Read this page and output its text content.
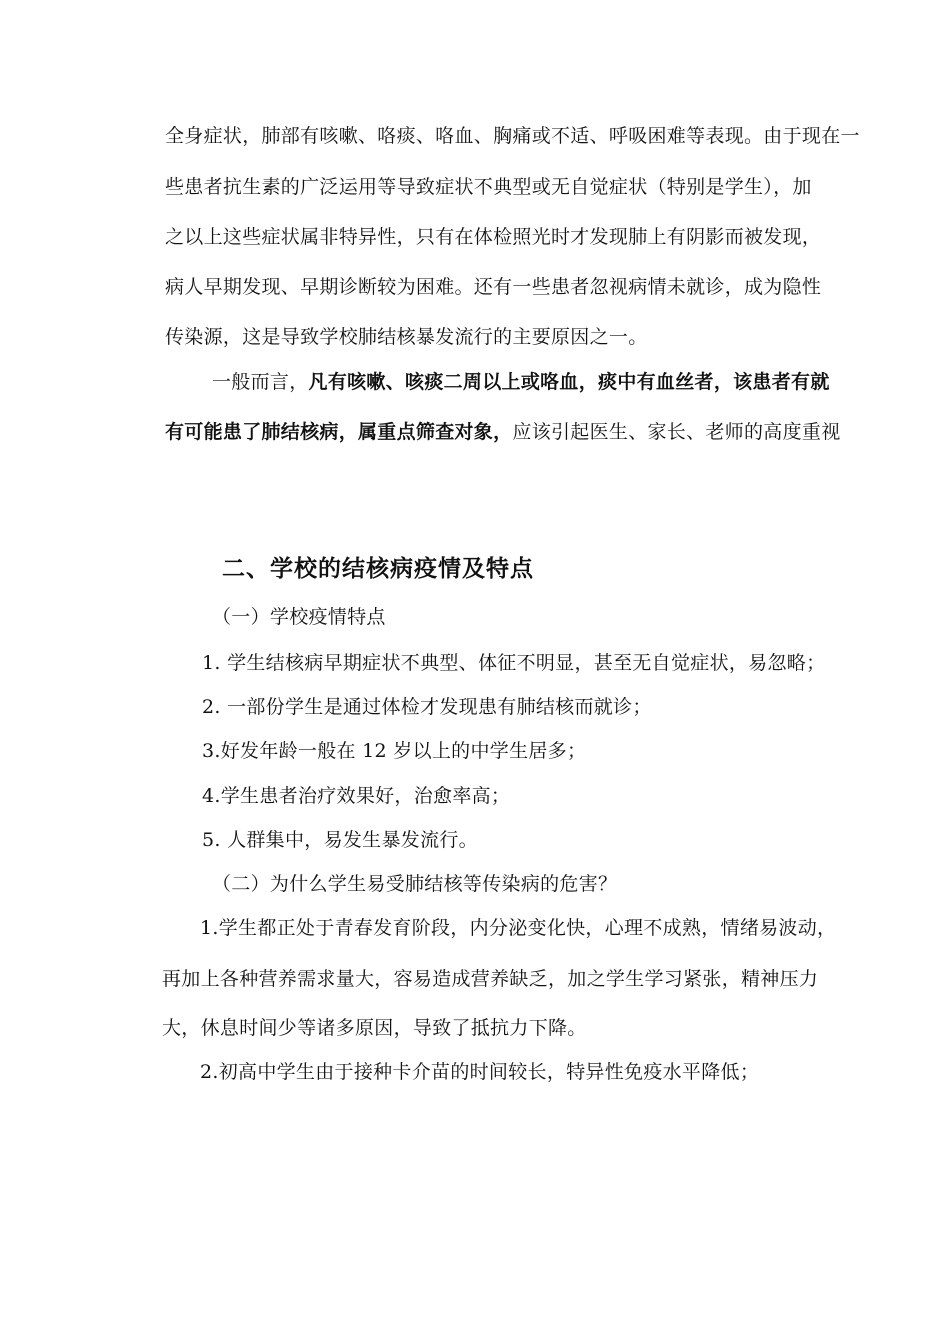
全身症状，肺部有咳嗽、咯痰、咯血、胸痛或不适、呼吸困难等表现。由于现在一
些患者抗生素的广泛运用等导致症状不典型或无自觉症状（特别是学生），加
之以上这些症状属非特异性，只有在体检照光时才发现肺上有阴影而被发现，
病人早期发现、早期诊断较为困难。还有一些患者忽视病情未就诊，成为隐性
传染源，这是导致学校肺结核暴发流行的主要原因之一。
一般而言，凡有咳嗽、咳痰二周以上或咯血，痰中有血丝者，该患者有就
有可能患了肺结核病，属重点筛查对象，应该引起医生、家长、老师的高度重视
二、学校的结核病疫情及特点
（一）学校疫情特点
1. 学生结核病早期症状不典型、体征不明显，甚至无自觉症状，易忽略；
2. 一部份学生是通过体检才发现患有肺结核而就诊；
3.好发年龄一般在 12 岁以上的中学生居多；
4.学生患者治疗效果好，治愈率高；
5. 人群集中，易发生暴发流行。
（二）为什么学生易受肺结核等传染病的危害？
1.学生都正处于青春发育阶段，内分泌变化快，心理不成熟，情绪易波动，
再加上各种营养需求量大，容易造成营养缺乏，加之学生学习紧张，精神压力
大，休息时间少等诸多原因，导致了抵抗力下降。
2.初高中学生由于接种卡介苗的时间较长，特异性免疫水平降低；
